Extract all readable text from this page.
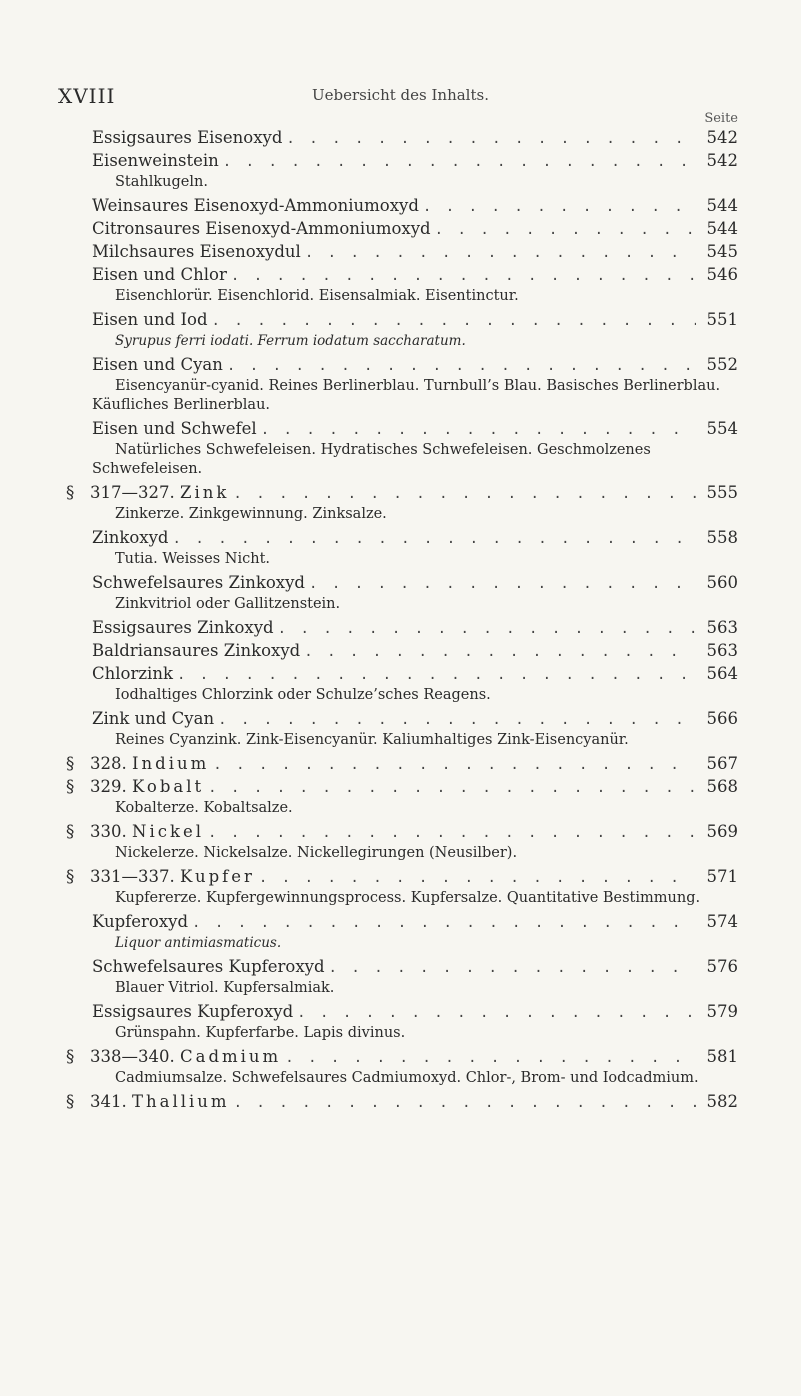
XVIII	Uebersicht des Inhalts.
Seite
Essigsaures Eisenoxyd . . .	542
Eisenweinstein . . .	542
Stahlkugeln.
Weinsaures Eisenoxyd-Ammoniumoxyd . . .	544
Citronsaures Eisenoxyd-Ammoniumoxyd . . .	544
Milchsaures Eisenoxydul . . .	545
Eisen und Chlor . . .	546
Eisenchlorür. Eisenchlorid. Eisensalmiak. Eisentinctur.
Eisen und Iod . . .	551
Syrupus ferri iodati. Ferrum iodatum saccharatum.
Eisen und Cyan . . .	552
Eisencyanür-cyanid. Reines Berlinerblau. Turnbull’s Blau. Basisches Berlinerblau. Käufliches Berlinerblau.
Eisen und Schwefel . . .	554
Natürliches Schwefeleisen. Hydratisches Schwefeleisen. Geschmolzenes Schwefeleisen.
§ 317—327. Zink . . .	555
Zinkerze. Zinkgewinnung. Zinksalze.
Zinkoxyd . . .	558
Tutia. Weisses Nicht.
Schwefelsaures Zinkoxyd . . .	560
Zinkvitriol oder Gallitzenstein.
Essigsaures Zinkoxyd . . .	563
Baldriansaures Zinkoxyd . . .	563
Chlorzink . . .	564
Iodhaltiges Chlorzink oder Schulze’sches Reagens.
Zink und Cyan . . .	566
Reines Cyanzink. Zink-Eisencyanür. Kaliumhaltiges Zink-Eisencyanür.
§ 328. Indium . . .	567
§ 329. Kobalt . . .	568
Kobalterze. Kobaltsalze.
§ 330. Nickel . . .	569
Nickelerze. Nickelsalze. Nickellegirungen (Neusilber).
§ 331—337. Kupfer . . .	571
Kupfererze. Kupfergewinnungsprocess. Kupfersalze. Quantitative Bestimmung.
Kupferoxyd . . .	574
Liquor antimiasmaticus.
Schwefelsaures Kupferoxyd . . .	576
Blauer Vitriol. Kupfersalmiak.
Essigsaures Kupferoxyd . . .	579
Grünspahn. Kupferfarbe. Lapis divinus.
§ 338—340. Cadmium . . .	581
Cadmiumsalze. Schwefelsaures Cadmiumoxyd. Chlor-, Brom- und Iodcadmium.
§ 341. Thallium . . .	582
